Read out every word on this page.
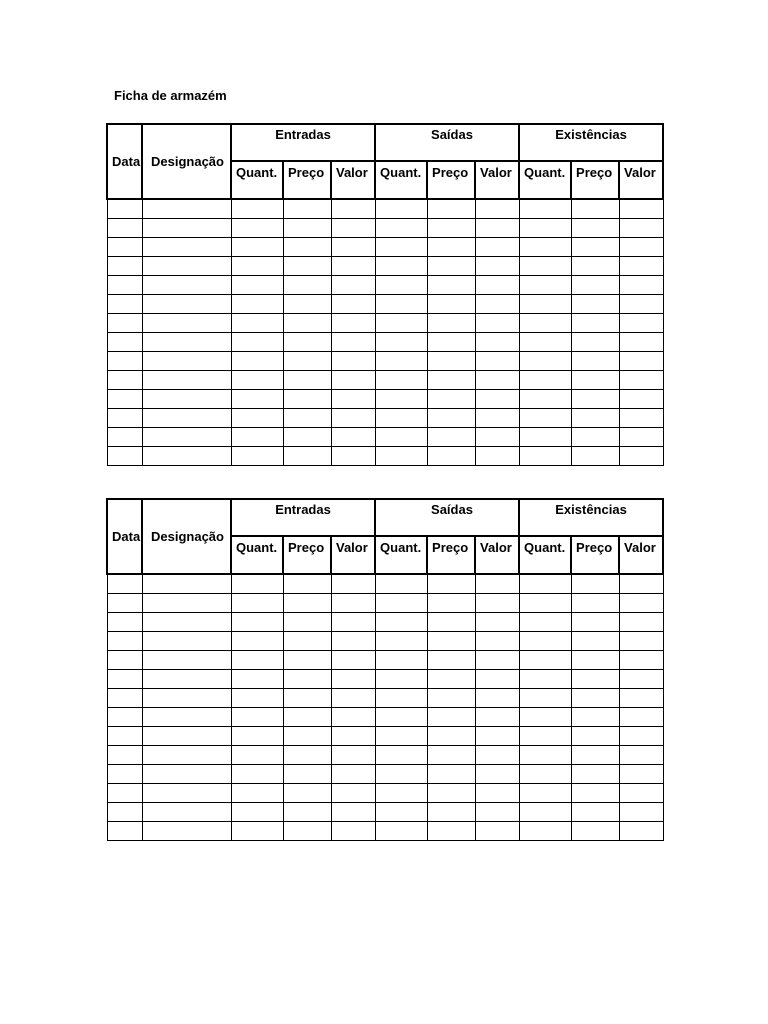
Ficha de armazém
Data	Designação	Entradas			Saídas			Existências		

		Quant.	Preço	Valor	Quant.	Preço	Valor	Quant.	Preço	Valor

Data	Designação	Entradas			Saídas			Existências		

		Quant.	Preço	Valor	Quant.	Preço	Valor	Quant.	Preço	Valor
